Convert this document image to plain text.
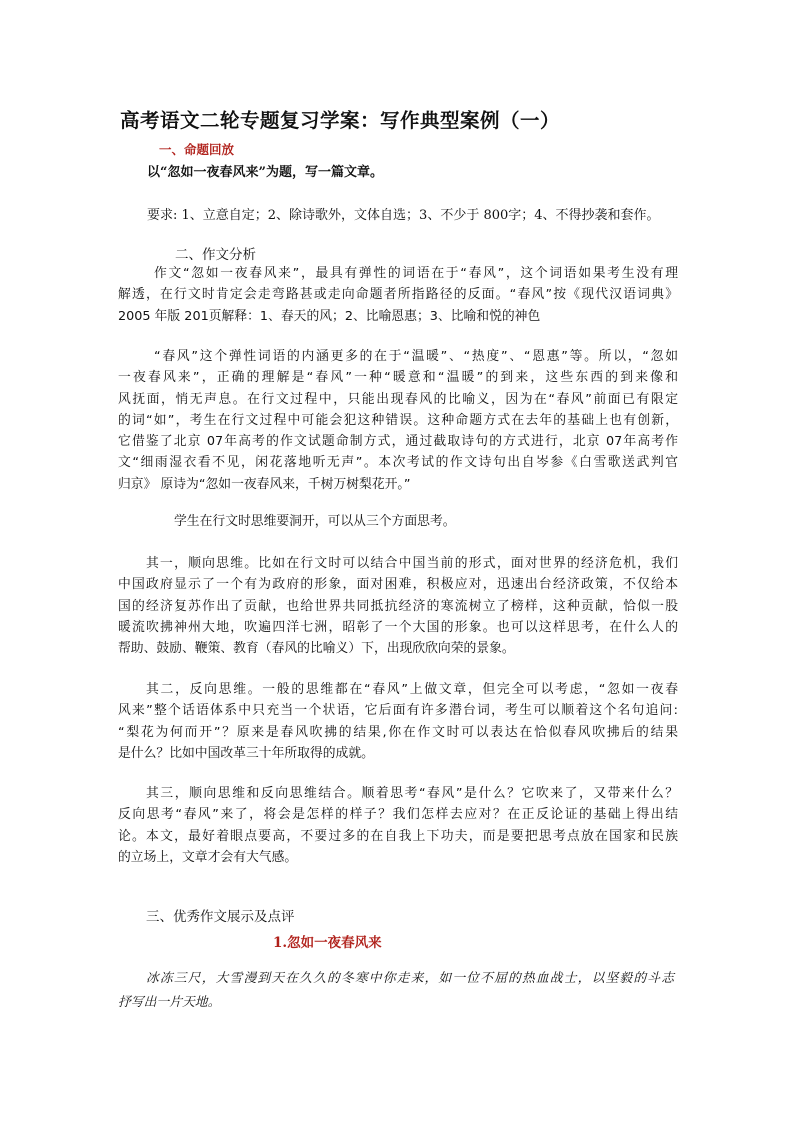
高考语文二轮专题复习学案：写作典型案例（一）
一、命题回放
以“忽如一夜春风来”为题，写一篇文章。
要求: 1、立意自定；2、除诗歌外，文体自选；3、不少于 800字；4、不得抄袭和套作。
二、作文分析
作文“忽如一夜春风来”，最具有弹性的词语在于“春风”，这个词语如果考生没有理
解透，在行文时肯定会走弯路甚或走向命题者所指路径的反面。“春风”按《现代汉语词典》
2005 年版 201页解释：1、春天的风；2、比喻恩惠；3、比喻和悦的神色
“春风”这个弹性词语的内涵更多的在于“温暖”、“热度”、“恩惠”等。所以，“忽如
一夜春风来”，正确的理解是“春风”一种“暖意和“温暖”的到来，这些东西的到来像和
风抚面，悄无声息。在行文过程中，只能出现春风的比喻义，因为在“春风”前面已有限定
的词“如”，考生在行文过程中可能会犯这种错误。这种命题方式在去年的基础上也有创新，
它借鉴了北京 07年高考的作文试题命制方式，通过截取诗句的方式进行，北京 07年高考作
文“细雨湿衣看不见，闲花落地听无声”。本次考试的作文诗句出自岑参《白雪歌送武判官
归京》 原诗为“忽如一夜春风来，千树万树梨花开。”
学生在行文时思维要洞开，可以从三个方面思考。
其一，顺向思维。比如在行文时可以结合中国当前的形式，面对世界的经济危机，我们
中国政府显示了一个有为政府的形象，面对困难，积极应对，迅速出台经济政策，不仅给本
国的经济复苏作出了贡献，也给世界共同抵抗经济的寒流树立了榜样，这种贡献，恰似一股
暖流吹拂神州大地，吹遍四洋七洲，昭彰了一个大国的形象。也可以这样思考，在什么人的
帮助、鼓励、鞭策、教育（春风的比喻义）下，出现欣欣向荣的景象。
其二，反向思维。一般的思维都在“春风”上做文章，但完全可以考虑，“忽如一夜春
风来”整个话语体系中只充当一个状语，它后面有许多潜台词，考生可以顺着这个名句追问:
“梨花为何而开”？原来是春风吹拂的结果,你在作文时可以表达在恰似春风吹拂后的结果
是什么？比如中国改革三十年所取得的成就。
其三，顺向思维和反向思维结合。顺着思考“春风”是什么？它吹来了，又带来什么？
反向思考“春风”来了，将会是怎样的样子？我们怎样去应对？在正反论证的基础上得出结
论。本文，最好着眼点要高，不要过多的在自我上下功夫，而是要把思考点放在国家和民族
的立场上，文章才会有大气感。
三、优秀作文展示及点评
1.忽如一夜春风来
冰冻三尺，大雪漫到天在久久的冬寒中你走来，如一位不屈的热血战士，以坚毅的斗志
抒写出一片天地。
